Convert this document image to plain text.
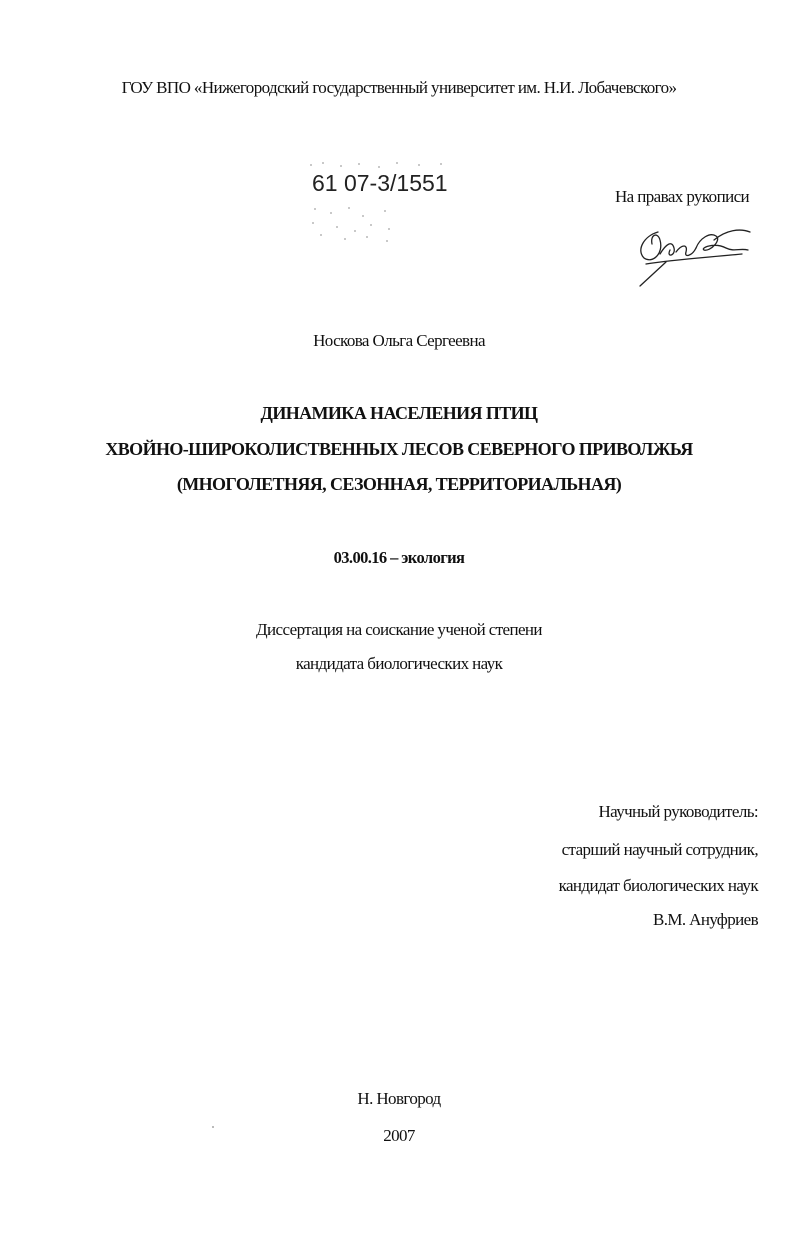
ГОУ ВПО «Нижегородский государственный университет им. Н.И. Лобачевского»
61 07-3/1551
На правах рукописи
Носкова Ольга Сергеевна
ДИНАМИКА НАСЕЛЕНИЯ ПТИЦ
ХВОЙНО-ШИРОКОЛИСТВЕННЫХ ЛЕСОВ СЕВЕРНОГО ПРИВОЛЖЬЯ
(МНОГОЛЕТНЯЯ, СЕЗОННАЯ, ТЕРРИТОРИАЛЬНАЯ)
03.00.16 – экология
Диссертация на соискание ученой степени
кандидата биологических наук
Научный руководитель:
старший научный сотрудник,
кандидат биологических наук
В.М. Ануфриев
Н. Новгород
2007
